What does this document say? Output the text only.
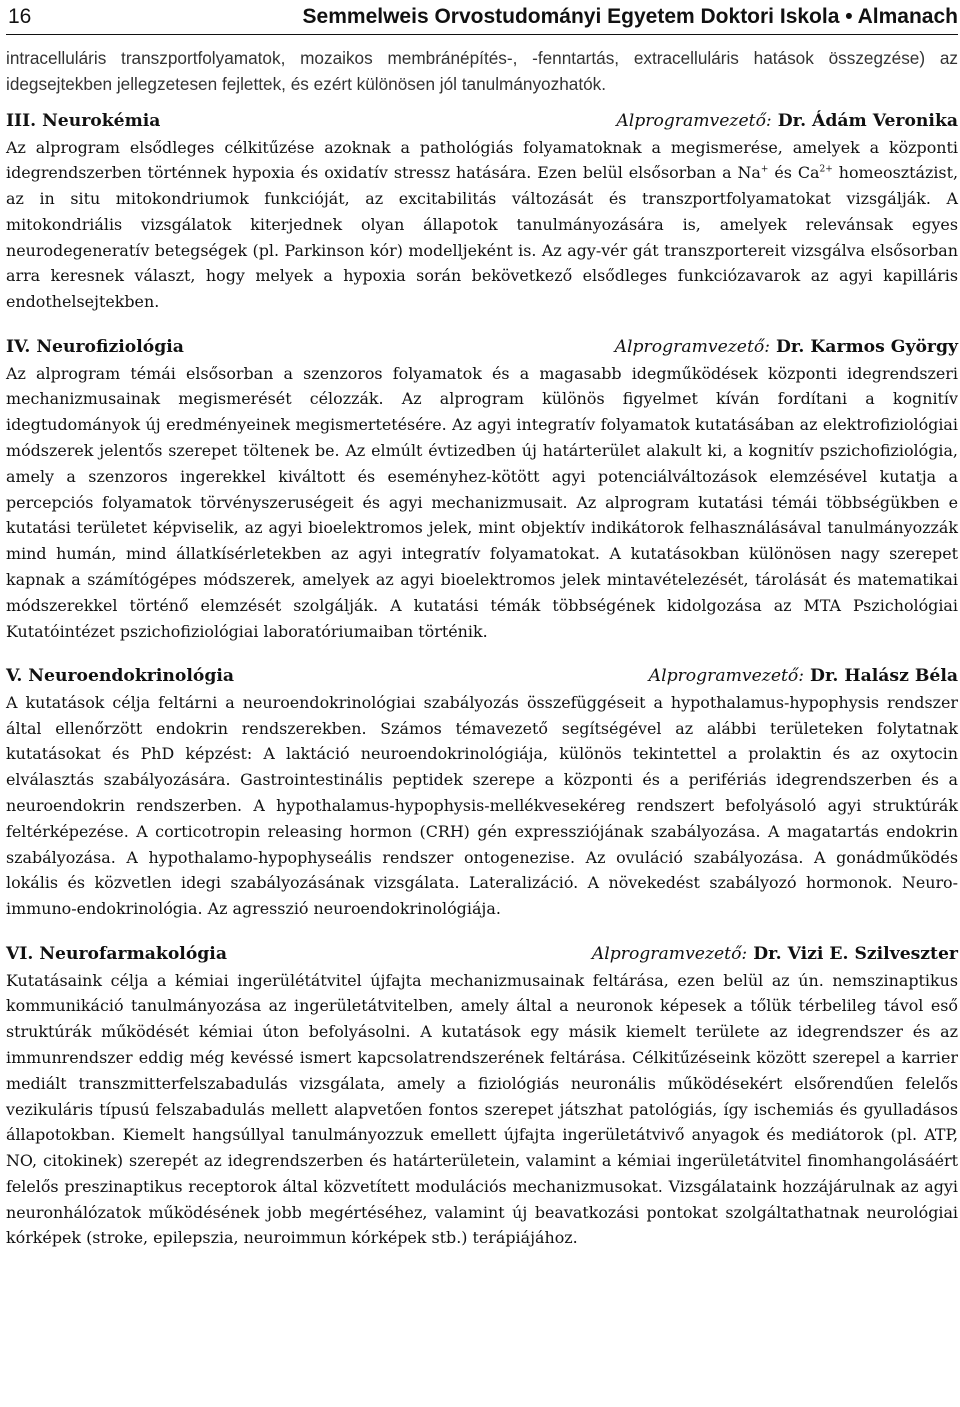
16	Semmelweis Orvostudományi Egyetem Doktori Iskola • Almanach

intracelluláris transzportfolyamatok, mozaikos membránépítés-, -fenntartás, extracelluláris hatások összegzése) az idegsejtekben jellegzetesen fejlettek, és ezért különösen jól tanulmányozhatók.

III. Neurokémia	Alprogramvezető: Dr. Ádám Veronika

Az alprogram elsődleges célkitűzése azoknak a pathológiás folyamatoknak a megismerése, amelyek a központi idegrendszerben történnek hypoxia és oxidatív stressz hatására. Ezen belül elsősorban a Na+ és $Ca^{2+}$ homeosztázist, az in situ mitokondriumok funkcióját, az excitabilitás változását és transzportfolyamatokat vizsgálják. A mitokondriális vizsgálatok kiterjednek olyan állapotok tanulmányozására is, amelyek relevánsak egyes neurodegeneratív betegségek (pl. Parkinson kór) modelljeként is. Az agy-vér gát transzportereit vizsgálva elsősorban arra keresnek választ, hogy melyek a hypoxia során bekövetkező elsődleges funkciózavarok az agyi kapilláris endothelsejtekben.

IV. Neurofiziológia	Alprogramvezető: Dr. Karmos György

Az alprogram témái elsősorban a szenzoros folyamatok és a magasabb idegműködések központi idegrendszeri mechanizmusainak megismerését célozzák. Az alprogram különös figyelmet kíván fordítani a kognitív idegtudományok új eredményeinek megismertetésére. Az agyi integratív folyamatok kutatásában az elektrofiziológiai módszerek jelentős szerepet töltenek be. Az elmúlt évtizedben új határterület alakult ki, a kognitív pszichofiziológia, amely a szenzoros ingerekkel kiváltott és eseményhez-kötött agyi potenciálváltozások elemzésével kutatja a percepciós folyamatok törvényszeruségeit és agyi mechanizmusait. Az alprogram kutatási témái többségükben e kutatási területet képviselik, az agyi bioelektromos jelek, mint objektív indikátorok felhasználásával tanulmányozzák mind humán, mind állatkísérletekben az agyi integratív folyamatokat. A kutatásokban különösen nagy szerepet kapnak a számítógépes módszerek, amelyek az agyi bioelektromos jelek mintavételezését, tárolását és matematikai módszerekkel történő elemzését szolgálják. A kutatási témák többségének kidolgozása az MTA Pszichológiai Kutatóintézet pszichofiziológiai laboratóriumaiban történik.

V. Neuroendokrinológia	Alprogramvezető: Dr. Halász Béla

A kutatások célja feltárni a neuroendokrinológiai szabályozás összefüggéseit a hypothalamus-hypophysis rendszer által ellenőrzött endokrin rendszerekben. Számos témavezető segítségével az alábbi területeken folytatnak kutatásokat és PhD képzést: A laktáció neuroendokrinológiája, különös tekintettel a prolaktin és az oxytocin elválasztás szabályozására. Gastrointestinális peptidek szerepe a központi és a perifériás idegrendszerben és a neuroendokrin rendszerben. A hypothalamus-hypophysis-mellékvesekéreg rendszert befolyásoló agyi struktúrák feltérképezése. A corticotropin releasing hormon (CRH) gén expressziójának szabályozása. A magatartás endokrin szabályozása. A hypothalamo-hypophyseális rendszer ontogenezise. Az ovuláció szabályozása. A gonádműködés lokális és közvetlen idegi szabályozásának vizsgálata. Lateralizáció. A növekedést szabályozó hormonok. Neuro-immuno-endokrinológia. Az agresszió neuroendokrinológiája.

VI. Neurofarmakológia	Alprogramvezető: Dr. Vizi E. Szilveszter

Kutatásaink célja a kémiai ingerülétátvitel újfajta mechanizmusainak feltárása, ezen belül az ún. nemszinaptikus kommunikáció tanulmányozása az ingerületátvitelben, amely által a neuronok képesek a tőlük térbelileg távol eső struktúrák működését kémiai úton befolyásolni. A kutatások egy másik kiemelt területe az idegrendszer és az immunrendszer eddig még kevéssé ismert kapcsolatrendszerének feltárása. Célkitűzéseink között szerepel a karrier mediált transzmitterfelszabadulás vizsgálata, amely a fiziológiás neuronális működésekért elsőrendűen felelős vezikuláris típusú felszabadulás mellett alapvetően fontos szerepet játszhat patológiás, így ischemiás és gyulladásos állapotokban. Kiemelt hangsúllyal tanulmányozzuk emellett újfajta ingerületátvivő anyagok és mediátorok (pl. ATP, NO, citokinek) szerepét az idegrendszerben és határterületein, valamint a kémiai ingerületátvitel finomhangolásáért felelős preszinaptikus receptorok által közvetített modulációs mechanizmusokat. Vizsgálataink hozzájárulnak az agyi neuronhálózatok működésének jobb megértéséhez, valamint új beavatkozási pontokat szolgáltathatnak neurológiai kórképek (stroke, epilepszia, neuroimmun kórképek stb.) terápiájához.
